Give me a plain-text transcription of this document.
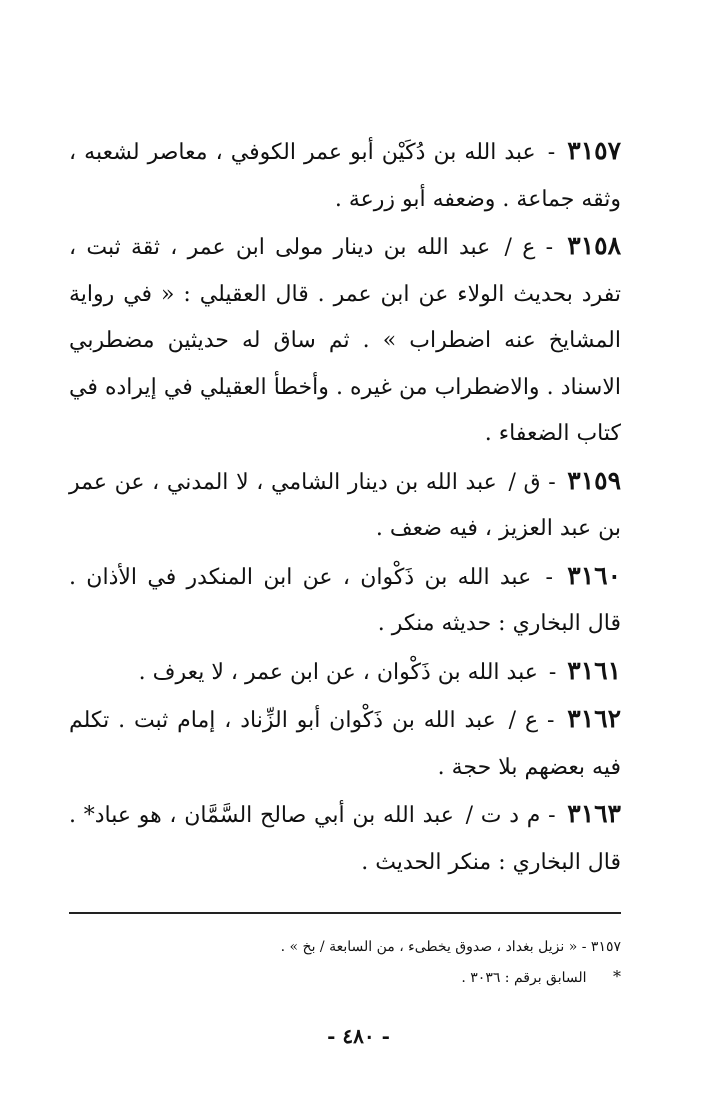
٣١٥٧ - عبد الله بن دُكَيْن أبو عمر الكوفي ، معاصر لشعبه ، وثقه جماعة . وضعفه أبو زرعة .

٣١٥٨ - ع / عبد الله بن دينار مولى ابن عمر ، ثقة ثبت ، تفرد بحديث الولاء عن ابن عمر . قال العقيلي : « في رواية المشايخ عنه اضطراب » . ثم ساق له حديثين مضطربي الاسناد . والاضطراب من غيره . وأخطأ العقيلي في إيراده في كتاب الضعفاء .

٣١٥٩ - ق / عبد الله بن دينار الشامي ، لا المدني ، عن عمر بن عبد العزيز ، فيه ضعف .

٣١٦٠ - عبد الله بن ذَكْوان ، عن ابن المنكدر في الأذان . قال البخاري : حديثه منكر .

٣١٦١ - عبد الله بن ذَكْوان ، عن ابن عمر ، لا يعرف .

٣١٦٢ - ع / عبد الله بن ذَكْوان أبو الزِّناد ، إمام ثبت . تكلم فيه بعضهم بلا حجة .

٣١٦٣ - م د ت / عبد الله بن أبي صالح السَّمَّان ، هو عباد* . قال البخاري : منكر الحديث .

٣١٥٧ - « نزيل بغداد ، صدوق يخطىء ، من السابعة / بخ » .

* السابق برقم : ٣٠٣٦ .

- ٤٨٠ -
